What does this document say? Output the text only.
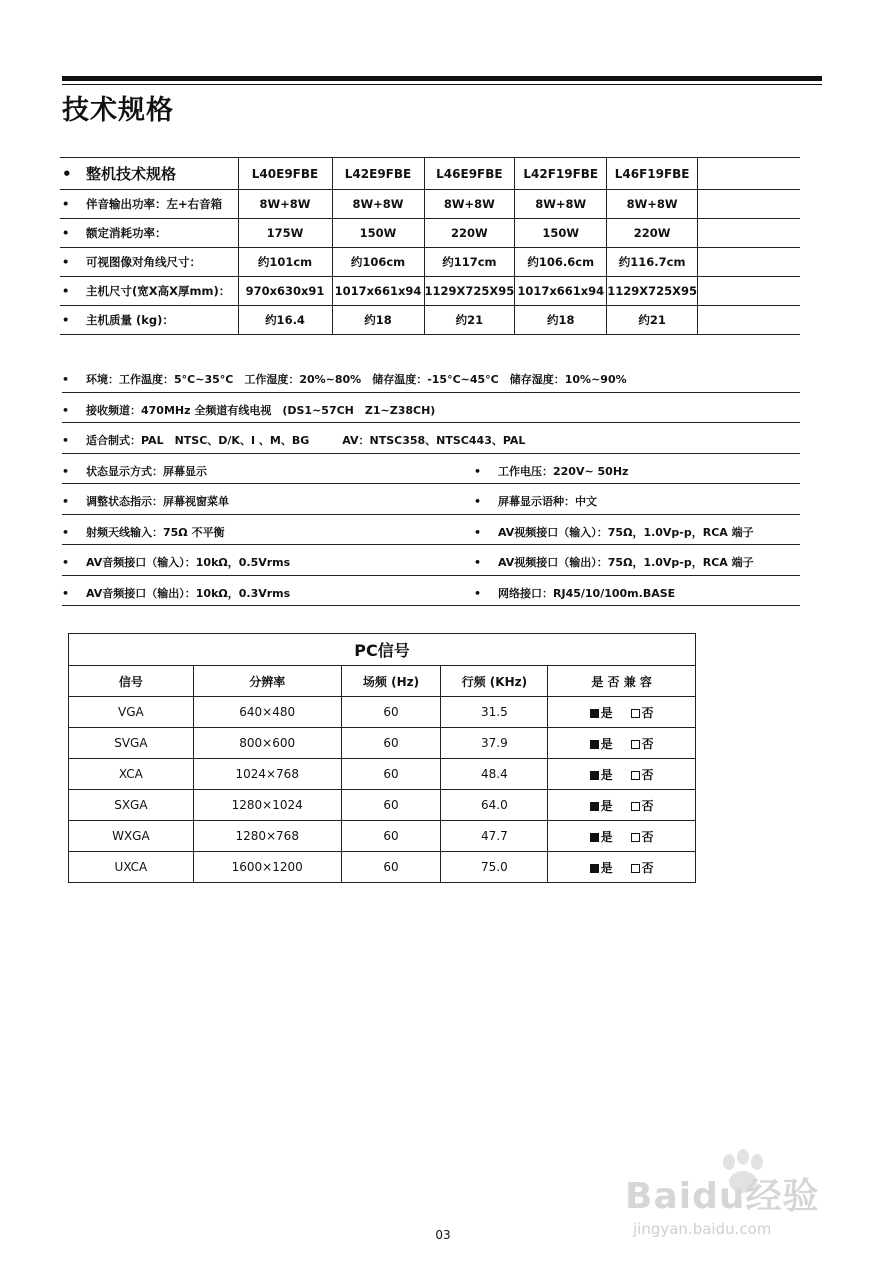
技术规格
• 整机技术规格	L40E9FBE	L42E9FBE	L46E9FBE	L42F19FBE	L46F19FBE	
• 伴音输出功率：左+右音箱	8W+8W	8W+8W	8W+8W	8W+8W	8W+8W	
• 额定消耗功率：	175W	150W	220W	150W	220W	
• 可视图像对角线尺寸：	约101cm	约106cm	约117cm	约106.6cm	约116.7cm	
• 主机尺寸(宽X高X厚mm)：	970x630x91	1017x661x94	1129X725X95	1017x661x94	1129X725X95	
• 主机质量 (kg)：	约16.4	约18	约21	约18	约21	
• 环境：工作温度：5°C~35°C　工作湿度：20%~80%　储存温度：-15°C~45°C　储存湿度：10%~90%
• 接收频道：470MHz 全频道有线电视　(DS1~57CH　Z1~Z38CH)
• 适合制式：PAL　NTSC、D/K、I 、M、BG　　　AV：NTSC358、NTSC443、PAL
• 状态显示方式：屏幕显示	• 工作电压：220V~ 50Hz
• 调整状态指示：屏幕视窗菜单	• 屏幕显示语种：中文
• 射频天线输入：75Ω 不平衡	• AV视频接口（输入）：75Ω，1.0Vp-p，RCA 端子
• AV音频接口（输入）：10kΩ，0.5Vrms	• AV视频接口（输出）：75Ω，1.0Vp-p，RCA 端子
• AV音频接口（输出）：10kΩ，0.3Vrms	• 网络接口：RJ45/10/100m.BASE
PC信号				
信号	分辨率	场频 (Hz)	行频 (KHz)	是 否 兼 容
VGA	640×480	60	31.5	是 否
SVGA	800×600	60	37.9	是 否
XCA	1024×768	60	48.4	是 否
SXGA	1280×1024	60	64.0	是 否
WXGA	1280×768	60	47.7	是 否
UXCA	1600×1200	60	75.0	是 否
Baidu经验
jingyan.baidu.com
03
